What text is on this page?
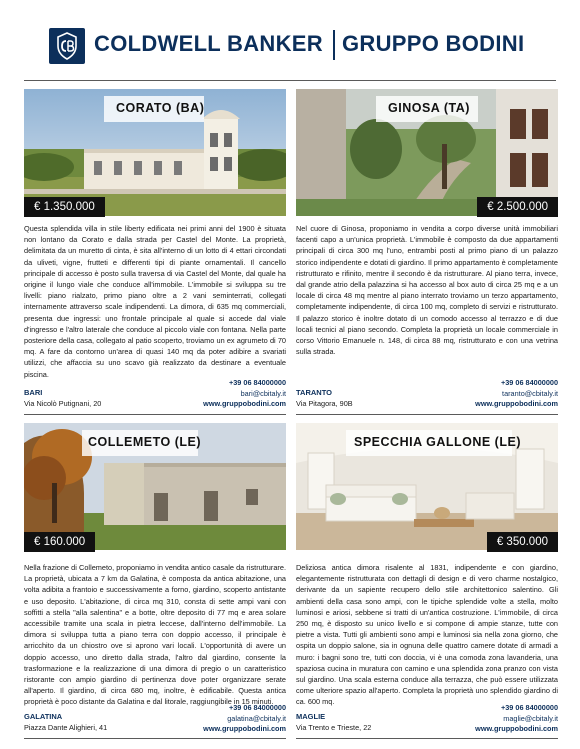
COLDWELL BANKER GRUPPO BODINI
CORATO (BA)
€ 1.350.000
Questa splendida villa in stile liberty edificata nei primi anni del 1900 è situata non lontano da Corato e dalla strada per Castel del Monte. La proprietà, delimitata da un muretto di cinta, è sita all'interno di un lotto di 4 ettari circondati da uliveti, vigne, frutteti e differenti tipi di piante ornamentali. Il cancello principale di accesso è posto sulla traversa di via Castel del Monte, dal quale ha origine il lungo viale che conduce all'immobile. L'immobile si sviluppa su tre livelli: piano rialzato, primo piano oltre a 2 vani seminterrati, collegati internamente attraverso scale indipendenti. La dimora, di 635 mq commerciali, presenta due ingressi: uno frontale principale al quale si accede dal viale d'ingresso e l'altro laterale che conduce al piccolo viale con fontana. Nella parte posteriore della casa, collegato al patio scoperto, troviamo un ex agrumeto di 70 mq. A fare da contorno un'area di quasi 140 mq da poter adibire a svariati utilizzi, che affaccia su uno scavo già realizzato da destinare a eventuale piscina.
BARI
Via Nicolò Putignani, 20
+39 06 84000000
bari@cbitaly.it
www.gruppobodini.com
GINOSA (TA)
€ 2.500.000
Nel cuore di Ginosa, proponiamo in vendita a corpo diverse unità immobiliari facenti capo a un'unica proprietà. L'immobile è composto da due appartamenti principali di circa 300 mq l'uno, entrambi posti al primo piano di un palazzo storico indipendente e dotati di giardino. Il primo appartamento è completamente ristrutturato e rifinito, mentre il secondo è da ristrutturare. Al piano terra, invece, dal grande atrio della palazzina si ha accesso al box auto di circa 25 mq e a un locale di circa 48 mq mentre al piano interrato troviamo un terzo appartamento, completamente indipendente, di circa 100 mq, completo di servizi e ristrutturato. Il palazzo storico è inoltre dotato di un comodo accesso al terrazzo e di due locali tecnici al piano secondo. Completa la proprietà un locale commerciale in corso Vittorio Emanuele n. 148, di circa 88 mq, ristrutturato e con una vetrina sulla strada.
TARANTO
Via Pitagora, 90B
+39 06 84000000
taranto@cbitaly.it
www.gruppobodini.com
COLLEMETO (LE)
€ 160.000
Nella frazione di Collemeto, proponiamo in vendita antico casale da ristrutturare. La proprietà, ubicata a 7 km da Galatina, è composta da antica abitazione, una volta adibita a frantoio e successivamente a forno, giardino, scoperto antistante e uso deposito. L'abitazione, di circa mq 310, consta di sette ampi vani con soffitti a stella "alla salentina" e a botte, oltre deposito di 77 mq e area solare accessibile tramite una scala in pietra leccese, dall'interno dell'immobile. La dimora si sviluppa tutta a piano terra con doppio accesso, il principale è arricchito da un chiostro ove si aprono vari locali. L'opportunità di avere un doppio accesso, uno diretto dalla strada, l'altro dal giardino, consente la trasformazione e la realizzazione di una dimora di pregio o un caratteristico ristorante con ampio giardino di pertinenza dove poter organizzare serate all'aperto. Il giardino, di circa 680 mq, inoltre, è edificabile. Questa antica proprietà è poco distante da Galatina e dal litorale, raggiungibile in 15 minuti.
GALATINA
Piazza Dante Alighieri, 41
+39 06 84000000
galatina@cbitaly.it
www.gruppobodini.com
SPECCHIA GALLONE (LE)
€ 350.000
Deliziosa antica dimora risalente al 1831, indipendente e con giardino, elegantemente ristrutturata con dettagli di design e di vero charme nostalgico, derivante da un sapiente recupero dello stile architettonico salentino. Gli ambienti della casa sono ampi, con le tipiche splendide volte a stella, molto luminosi e ariosi, sebbene si tratti di un'antica costruzione. L'immobile, di circa 250 mq, è disposto su unico livello e si compone di ampie stanze, tutte con pietre a vista. Tutti gli ambienti sono ampi e luminosi sia nella zona giorno, che ospita un doppio salone, sia in ognuna delle quattro camere dotate di armadi a muro: i bagni sono tre, tutti con doccia, vi è una comoda zona lavanderia, una spaziosa cucina in muratura con camino e una splendida zona pranzo con vista sul giardino. Una scala esterna conduce alla terrazza, che può essere utilizzata come ulteriore spazio all'aperto. Completa la proprietà uno splendido giardino di ca. 600 mq.
MAGLIE
Via Trento e Trieste, 22
+39 06 84000000
maglie@cbitaly.it
www.gruppobodini.com
